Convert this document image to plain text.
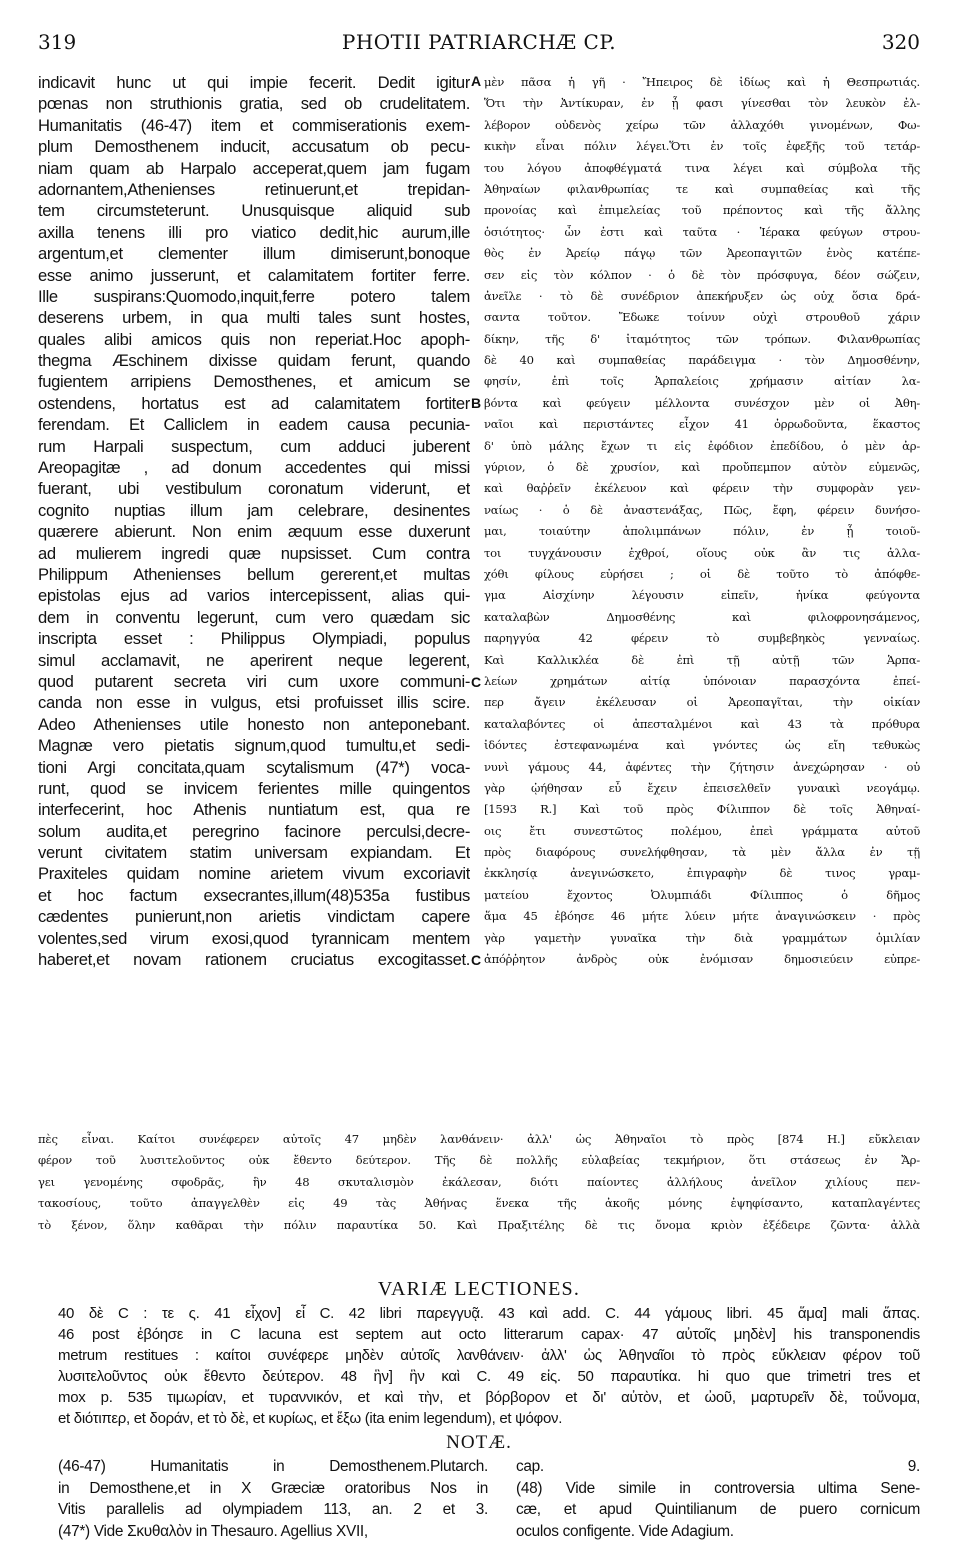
319	PHOTII PATRIARCHÆ CP.	320
indicavit hunc ut qui impie fecerit. Dedit igitur
pœnas non struthionis gratia, sed ob crudelitatem.
Humanitatis (46-47) item et commiserationis exem-
plum Demosthenem inducit, accusatum ob pecu-
niam quam ab Harpalo acceperat,quem jam fugam
adornantem,Athenienses retinuerunt,et trepidan-
tem circumsteterunt. Unusquisque aliquid sub
axilla tenens illi pro viatico dedit,hic aurum,ille
argentum,et clementer illum dimiserunt,bonoque
esse animo jusserunt, et calamitatem fortiter ferre.
Ille suspirans:Quomodo,inquit,ferre potero talem
deserens urbem, in qua multi tales sunt hostes,
quales alibi amicos quis non reperiat.Hoc apoph-
thegma Æschinem dixisse quidam ferunt, quando
fugientem arripiens Demosthenes, et amicum se
ostendens, hortatus est ad calamitatem fortiter
ferendam. Et Calliclem in eadem causa pecunia-
rum Harpali suspectum, cum adduci juberent
Areopagitæ , ad donum accedentes qui missi
fuerant, ubi vestibulum coronatum viderunt, et
cognito nuptias illum jam celebrare, desinentes
quærere abierunt. Non enim æquum esse duxerunt
ad mulierem ingredi quæ nupsisset. Cum contra
Philippum Athenienses bellum gererent,et multas
epistolas ejus ad varios intercepissent, alias qui-
dem in conventu legerunt, cum vero quædam sic
inscripta esset : Philippus Olympiadi, populus
simul acclamavit, ne aperirent neque legerent,
quod putarent secreta viri cum uxore communi-
canda non esse in vulgus, etsi profuisset illis scire.
Adeo Athenienses utile honesto non anteponebant.
Magnæ vero pietatis signum,quod tumultu,et sedi-
tioni Argi concitata,quam scytalismum (47*) voca-
runt, quod se invicem ferientes mille quingentos
interfecerint, hoc Athenis nuntiatum est, qua re
solum audita,et peregrino facinore perculsi,decre-
verunt civitatem statim universam expiandam. Et
Praxiteles quidam nomine arietem vivum excoriavit
et hoc factum exsecrantes,illum(48)535a fustibus
cædentes punierunt,non arietis vindictam capere
volentes,sed virum exosi,quod tyrannicam mentem
haberet,et novam rationem cruciatus excogitasset.
μὲν πᾶσα ἡ γῆ · Ἤπειρος δὲ ἰδίως καὶ ἡ Θεσπρωτιάς.
Ὅτι τὴν Ἀντίκυραν, ἐν ᾗ φασι γίνεσθαι τὸν λευκὸν ἐλ-
λέβορον οὐδενὸς χείρω τῶν ἀλλαχόθι γινομένων, Φω-
κικὴν εἶναι πόλιν λέγει.Ὅτι ἐν τοῖς ἐφεξῆς τοῦ τετάρ-
του λόγου ἀποφθέγματά τινα λέγει καὶ σύμβολα τῆς
Ἀθηναίων φιλανθρωπίας τε καὶ συμπαθείας καὶ τῆς
προνοίας καὶ ἐπιμελείας τοῦ πρέποντος καὶ τῆς ἄλλης
ὁσιότητος· ὧν ἐστι καὶ ταῦτα · Ἱέρακα φεύγων στρου-
θὸς ἐν Ἀρείῳ πάγῳ τῶν Ἀρεοπαγιτῶν ἑνὸς κατέπε-
σεν εἰς τὸν κόλπον · ὁ δὲ τὸν πρόσφυγα, δέον σώζειν,
ἀνεῖλε · τὸ δὲ συνέδριον ἀπεκήρυξεν ὡς οὐχ ὅσια δρά-
σαντα τοῦτον. Ἔδωκε τοίνυν οὐχὶ στρουθοῦ χάριν
δίκην, τῆς δ' ἰταμότητος τῶν τρόπων. Φιλανθρωπίας
δὲ 40 καὶ συμπαθείας παράδειγμα · τὸν Δημοσθένην,
φησίν, ἐπὶ τοῖς Ἁρπαλείοις χρήμασιν αἰτίαν λα-
βόντα καὶ φεύγειν μέλλοντα συνέσχον μὲν οἱ Ἀθη-
ναῖοι καὶ περιστάντες εἶχον 41 ὀρρωδοῦντα, ἕκαστος
δ' ὑπὸ μάλης ἔχων τι εἰς ἐφόδιον ἐπεδίδου, ὁ μὲν ἀρ-
γύριον, ὁ δὲ χρυσίον, καὶ προὔπεμπον αὐτὸν εὐμενῶς,
καὶ θαῤῥεῖν ἐκέλευον καὶ φέρειν τὴν συμφορὰν γεν-
ναίως · ὁ δὲ ἀναστενάξας, Πῶς, ἔφη, φέρειν δυνήσο-
μαι, τοιαύτην ἀπολιμπάνων πόλιν, ἐν ᾗ τοιοῦ-
τοι τυγχάνουσιν ἐχθροί, οἵους οὐκ ἂν τις ἀλλα-
χόθι φίλους εὑρήσει ; οἱ δὲ τοῦτο τὸ ἀπόφθε-
γμα Αἰσχίνην λέγουσιν εἰπεῖν, ἡνίκα φεύγοντα
καταλαβὼν Δημοσθένης καὶ φιλοφρονησάμενος,
παρηγγύα 42 φέρειν τὸ συμβεβηκὸς γενναίως.
Καὶ Καλλικλέα δὲ ἐπὶ τῇ αὐτῇ τῶν Ἁρπα-
λείων χρημάτων αἰτίᾳ ὑπόνοιαν παρασχόντα ἐπεί-
περ ἄγειν ἐκέλευσαν οἱ Ἀρεοπαγῖται, τὴν οἰκίαν
καταλαβόντες οἱ ἀπεσταλμένοι καὶ 43 τὰ πρόθυρα
ἰδόντες ἐστεφανωμένα καὶ γνόντες ὡς εἴη τεθυκὼς
νυνὶ γάμους 44, ἀφέντες τὴν ζήτησιν ἀνεχώρησαν · οὐ
γὰρ ᾠήθησαν εὖ ἔχειν ἐπεισελθεῖν γυναικὶ νεογάμῳ.
[1593 R.] Καὶ τοῦ πρὸς Φίλιππον δὲ τοῖς Ἀθηναί-
οις ἔτι συνεστῶτος πολέμου, ἐπεὶ γράμματα αὐτοῦ
πρὸς διαφόρους συνελήφθησαν, τὰ μὲν ἄλλα ἐν τῇ
ἐκκλησίᾳ ἀνεγινώσκετο, ἐπιγραφὴν δὲ τινος γραμ-
ματείου ἔχοντος Ὀλυμπιάδι Φίλιππος ὁ δῆμος
ἅμα 45 ἐβόησε 46 μήτε λύειν μήτε ἀναγινώσκειν · πρὸς
γὰρ γαμετὴν γυναῖκα τὴν διὰ γραμμάτων ὁμιλίαν
ἀπόῤῥητον ἀνδρὸς οὐκ ἐνόμισαν δημοσιεύειν εὐπρε-
A
B
C
C
πὲς εἶναι. Καίτοι συνέφερεν αὐτοῖς 47 μηδὲν λανθάνειν· ἀλλ' ὡς Ἀθηναῖοι τὸ πρὸς [874 H.] εὔκλειαν
φέρον τοῦ λυσιτελοῦντος οὐκ ἔθεντο δεύτερον. Τῆς δὲ πολλῆς εὐλαβείας τεκμήριον, ὅτι στάσεως ἐν Ἄρ-
γει γενομένης σφοδρᾶς, ἣν 48 σκυταλισμὸν ἐκάλεσαν, διότι παίοντες ἀλλήλους ἀνεῖλον χιλίους πεν-
τακοσίους, τοῦτο ἀπαγγελθὲν εἰς 49 τὰς Ἀθήνας ἕνεκα τῆς ἀκοῆς μόνης ἐψηφίσαντο, καταπλαγέντες
τὸ ξένον, ὅλην καθᾶραι τὴν πόλιν παραυτίκα 50. Καὶ Πραξιτέλης δὲ τις ὄνομα κριὸν ἐξέδειρε ζῶντα· ἀλλὰ
VARIÆ LECTIONES.
40 δὲ C : τε ς. 41 εἶχον] εἶ C. 42 libri παρεγγυᾷ. 43 καὶ add. C. 44 γάμους libri. 45 ἅμα] mali ἅπας.
46 post ἐβόησε in C lacuna est septem aut octo litterarum capax· 47 αὐτοῖς μηδὲν] his transponendis
metrum restitues : καίτοι συνέφερε μηδὲν αὐτοῖς λανθάνειν· ἀλλ' ὡς Ἀθηναῖοι τὸ πρὸς εὔκλειαν φέρον τοῦ
λυσιτελοῦντος οὐκ ἔθεντο δεύτερον. 48 ἣν] ἣν καὶ C. 49 εἰς. 50 παραυτίκα. hi quo que trimetri tres et
mox p. 535 τιμωρίαν, et τυραννικόν, et καὶ τὴν, et βόρβορον et δι' αὐτὸν, et ὠοῦ, μαρτυρεῖν δὲ, τοὔνομα,
et διότιπερ, et δοράν, et τὸ δὲ, et κυρίως, et ἔξω (ita enim legendum), et ψόφον.
NOTÆ.
(46-47) Humanitatis in Demosthenem.Plutarch.
in Demosthene,et in X Græciæ oratoribus Nos in
Vitis parallelis ad olympiadem 113, an. 2 et 3.
(47*) Vide Σκυθαλὸν in Thesauro. Agellius XVII,
cap. 9.
(48) Vide simile in controversia ultima Sene-
cæ, et apud Quintilianum de puero cornicum
oculos configente. Vide Adagium.
